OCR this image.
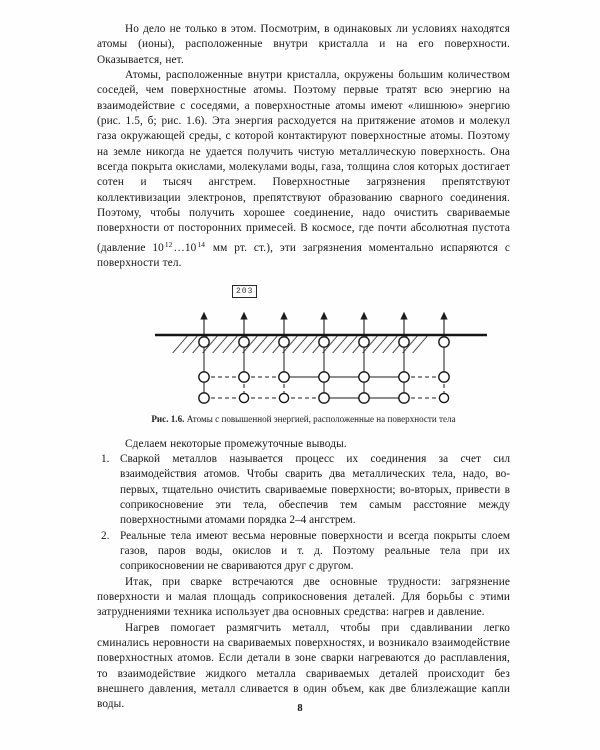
Но дело не только в этом. Посмотрим, в одинаковых ли условиях находятся атомы (ионы), расположенные внутри кристалла и на его поверхности. Оказывается, нет.

Атомы, расположенные внутри кристалла, окружены большим количеством соседей, чем поверхностные атомы. Поэтому первые тратят всю энергию на взаимодействие с соседями, а поверхностные атомы имеют «лишнюю» энергию (рис. 1.5, б; рис. 1.6). Эта энергия расходуется на притяжение атомов и молекул газа окружающей среды, с которой контактируют поверхностные атомы. Поэтому на земле никогда не удается получить чистую металлическую поверхность. Она всегда покрыта окислами, молекулами воды, газа, толщина слоя которых достигает сотен и тысяч ангстрем. Поверхностные загрязнения препятствуют коллективизации электронов, препятствуют образованию сварного соединения. Поэтому, чтобы получить хорошее соединение, надо очистить свариваемые поверхности от посторонних примесей. В космосе, где почти абсолютная пустота (давление $10^{12}\dots 10^{14}$ мм рт. ст.), эти загрязнения моментально испаряются с поверхности тел.

203
Рис. 1.6. Атомы с повышенной энергией, расположенные на поверхности тела

Сделаем некоторые промежуточные выводы.

1. Сваркой металлов называется процесс их соединения за счет сил взаимодействия атомов. Чтобы сварить два металлических тела, надо, во-первых, тщательно очистить свариваемые поверхности; во-вторых, привести в соприкосновение эти тела, обеспечив тем самым расстояние между поверхностными атомами порядка 2–4 ангстрем.
2. Реальные тела имеют весьма неровные поверхности и всегда покрыты слоем газов, паров воды, окислов и т. д. Поэтому реальные тела при их соприкосновении не свариваются друг с другом.

Итак, при сварке встречаются две основные трудности: загрязнение поверхности и малая площадь соприкосновения деталей. Для борьбы с этими затруднениями техника использует два основных средства: нагрев и давление.

Нагрев помогает размягчить металл, чтобы при сдавливании легко сминались неровности на свариваемых поверхностях, и возникало взаимодействие поверхностных атомов. Если детали в зоне сварки нагреваются до расплавления, то взаимодействие жидкого металла свариваемых деталей происходит без внешнего давления, металл сливается в один объем, как две близлежащие капли воды.	8
